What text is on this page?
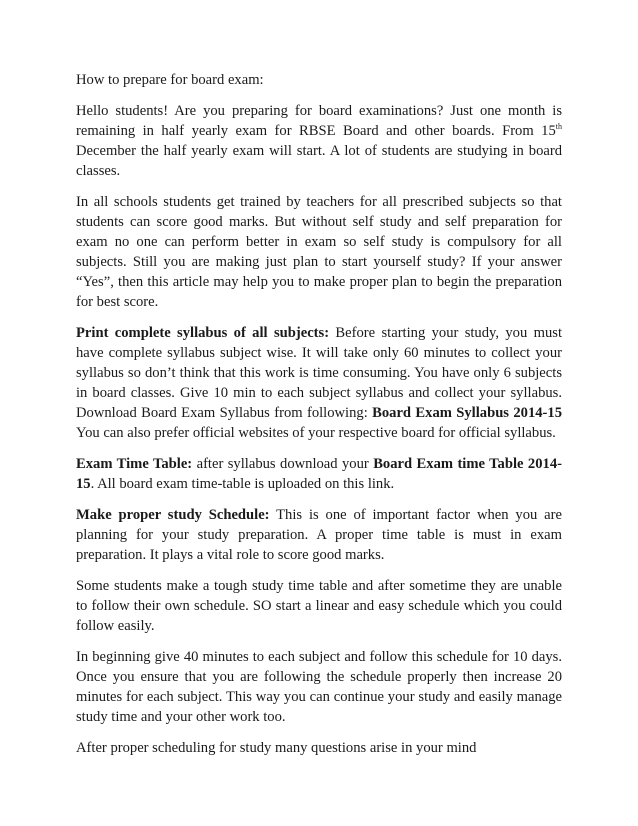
How to prepare for board exam:

Hello students! Are you preparing for board examinations? Just one month is remaining in half yearly exam for RBSE Board and other boards. From 15th December the half yearly exam will start. A lot of students are studying in board classes.

In all schools students get trained by teachers for all prescribed subjects so that students can score good marks. But without self study and self preparation for exam no one can perform better in exam so self study is compulsory for all subjects. Still you are making just plan to start yourself study? If your answer “Yes”, then this article may help you to make proper plan to begin the preparation for best score.

Print complete syllabus of all subjects: Before starting your study, you must have complete syllabus subject wise. It will take only 60 minutes to collect your syllabus so don’t think that this work is time consuming. You have only 6 subjects in board classes. Give 10 min to each subject syllabus and collect your syllabus. Download Board Exam Syllabus from following: Board Exam Syllabus 2014-15 You can also prefer official websites of your respective board for official syllabus.

Exam Time Table: after syllabus download your Board Exam time Table 2014-15. All board exam time-table is uploaded on this link.

Make proper study Schedule: This is one of important factor when you are planning for your study preparation. A proper time table is must in exam preparation. It plays a vital role to score good marks.

Some students make a tough study time table and after sometime they are unable to follow their own schedule. SO start a linear and easy schedule which you could follow easily.

In beginning give 40 minutes to each subject and follow this schedule for 10 days. Once you ensure that you are following the schedule properly then increase 20 minutes for each subject. This way you can continue your study and easily manage study time and your other work too.

After proper scheduling for study many questions arise in your mind
